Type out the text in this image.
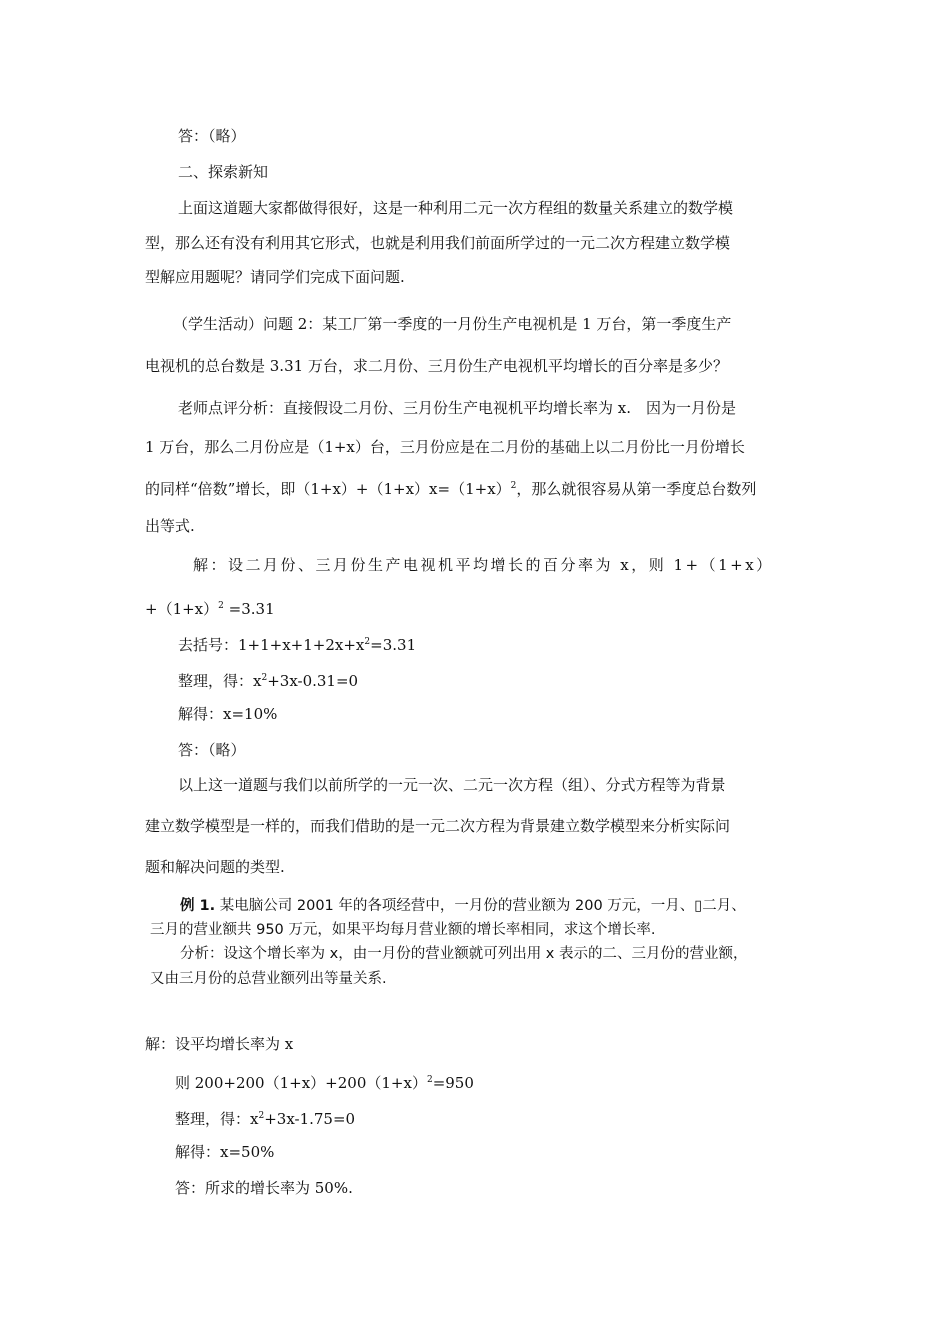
答：（略）
二、探索新知
上面这道题大家都做得很好，这是一种利用二元一次方程组的数量关系建立的数学模
型，那么还有没有利用其它形式，也就是利用我们前面所学过的一元二次方程建立数学模
型解应用题呢？请同学们完成下面问题.
（学生活动）问题 2：某工厂第一季度的一月份生产电视机是 1 万台，第一季度生产
电视机的总台数是 3.31 万台，求二月份、三月份生产电视机平均增长的百分率是多少？
老师点评分析：直接假设二月份、三月份生产电视机平均增长率为 x.　因为一月份是
1 万台，那么二月份应是（1+x）台，三月份应是在二月份的基础上以二月份比一月份增长
的同样“倍数”增长，即$(1+x)+(1+x)x=(1+x)^2$，那么就很容易从第一季度总台数列
出等式.
解：设二月份、三月份生产电视机平均增长的百分率为 x，则 1+（1+x）
$+(1+x)^2 =3.31$
去括号：$1+1+x+1+2x+x^2=3.31$
整理，得：$x^2+3x-0.31=0$
解得：x=10%
答：（略）
以上这一道题与我们以前所学的一元一次、二元一次方程（组）、分式方程等为背景
建立数学模型是一样的，而我们借助的是一元二次方程为背景建立数学模型来分析实际问
题和解决问题的类型.
例 1. 某电脑公司 2001 年的各项经营中，一月份的营业额为 200 万元，一月、▯二月、
三月的营业额共 950 万元，如果平均每月营业额的增长率相同，求这个增长率.
分析：设这个增长率为 x，由一月份的营业额就可列出用 x 表示的二、三月份的营业额，
又由三月份的总营业额列出等量关系.
解：设平均增长率为 x
则 $200+200(1+x)+200(1+x)^2=950$
整理，得：$x^2+3x-1.75=0$
解得：x=50%
答：所求的增长率为 50%.
